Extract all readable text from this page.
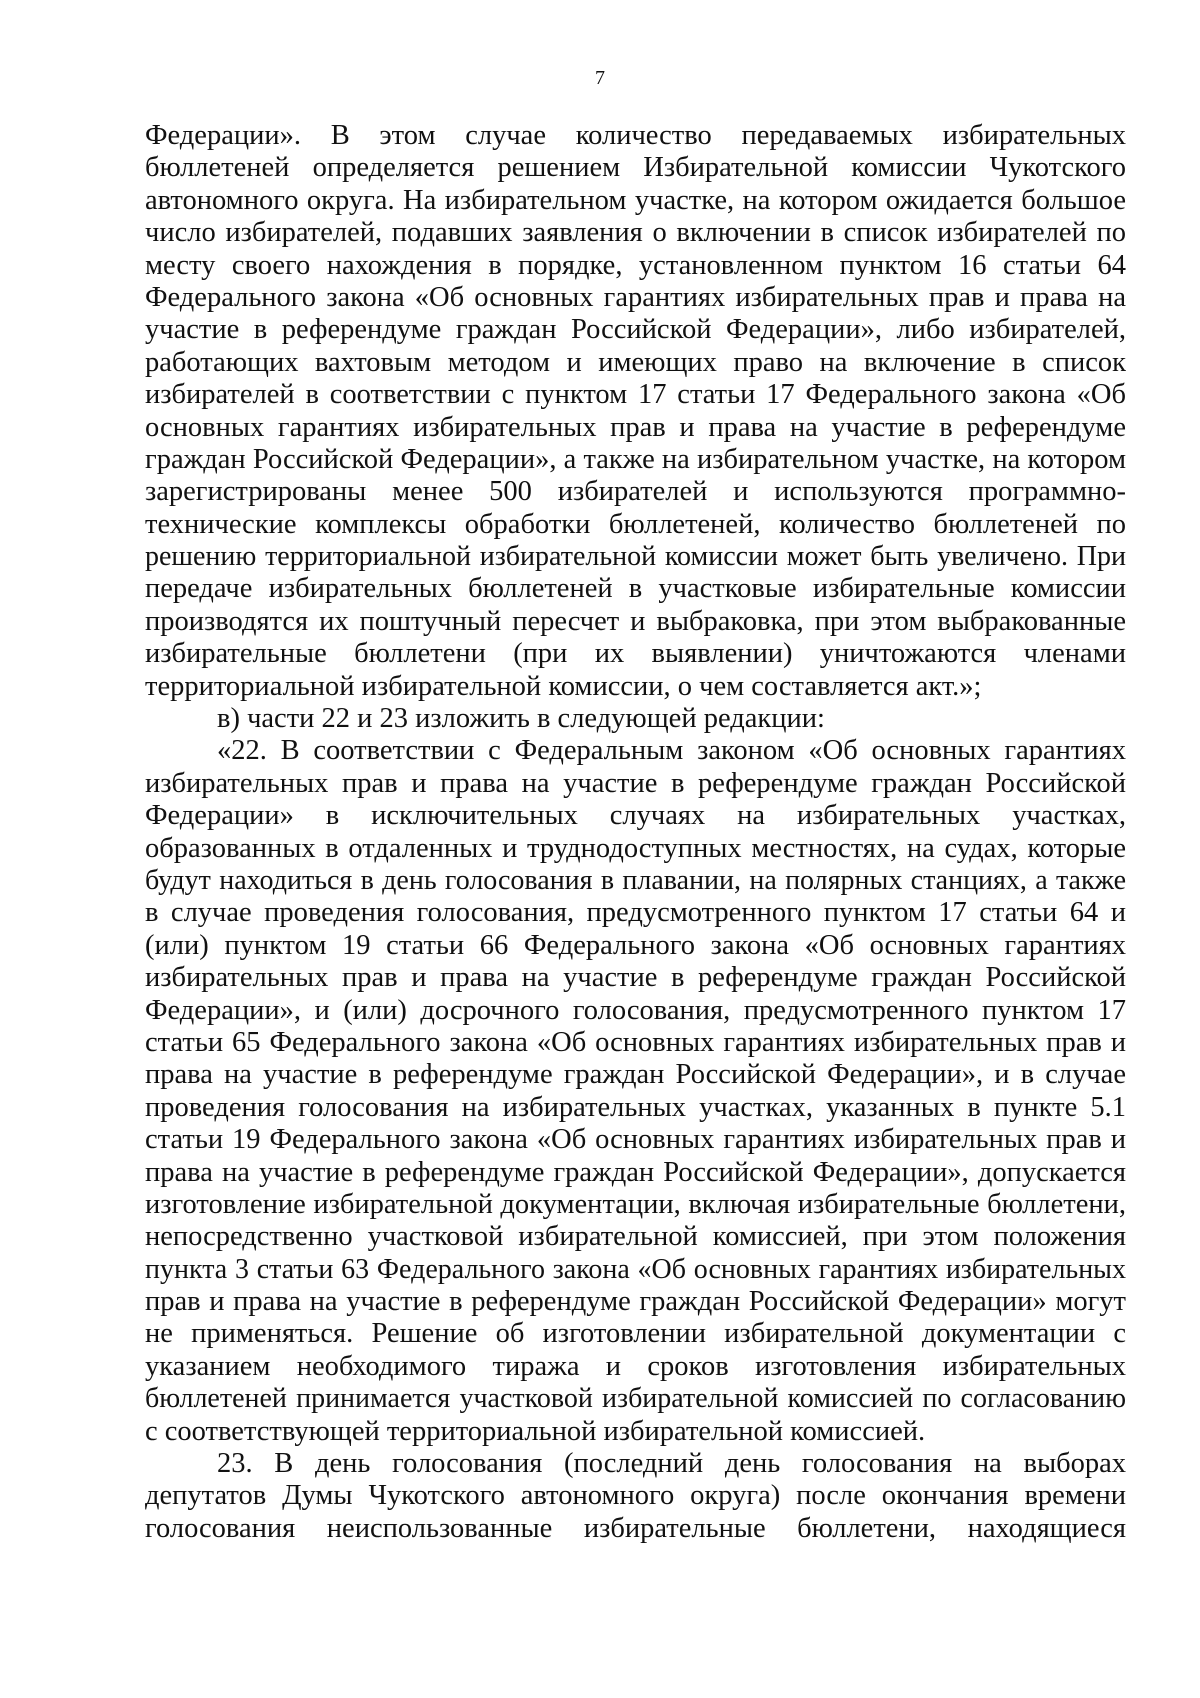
7
Федерации». В этом случае количество передаваемых избирательных
бюллетеней определяется решением Избирательной комиссии Чукотского
автономного округа. На избирательном участке, на котором ожидается большое
число избирателей, подавших заявления о включении в список избирателей по
месту своего нахождения в порядке, установленном пунктом 16 статьи 64
Федерального закона «Об основных гарантиях избирательных прав и права на
участие в референдуме граждан Российской Федерации», либо избирателей,
работающих вахтовым методом и имеющих право на включение в список
избирателей в соответствии с пунктом 17 статьи 17 Федерального закона «Об
основных гарантиях избирательных прав и права на участие в референдуме
граждан Российской Федерации», а также на избирательном участке, на котором
зарегистрированы менее 500 избирателей и используются программно-
технические комплексы обработки бюллетеней, количество бюллетеней по
решению территориальной избирательной комиссии может быть увеличено. При
передаче избирательных бюллетеней в участковые избирательные комиссии
производятся их поштучный пересчет и выбраковка, при этом выбракованные
избирательные бюллетени (при их выявлении) уничтожаются членами
территориальной избирательной комиссии, о чем составляется акт.»;
в) части 22 и 23 изложить в следующей редакции:
«22. В соответствии с Федеральным законом «Об основных гарантиях
избирательных прав и права на участие в референдуме граждан Российской
Федерации» в исключительных случаях на избирательных участках,
образованных в отдаленных и труднодоступных местностях, на судах, которые
будут находиться в день голосования в плавании, на полярных станциях, а также
в случае проведения голосования, предусмотренного пунктом 17 статьи 64 и
(или) пунктом 19 статьи 66 Федерального закона «Об основных гарантиях
избирательных прав и права на участие в референдуме граждан Российской
Федерации», и (или) досрочного голосования, предусмотренного пунктом 17
статьи 65 Федерального закона «Об основных гарантиях избирательных прав и
права на участие в референдуме граждан Российской Федерации», и в случае
проведения голосования на избирательных участках, указанных в пункте 5.1
статьи 19 Федерального закона «Об основных гарантиях избирательных прав и
права на участие в референдуме граждан Российской Федерации», допускается
изготовление избирательной документации, включая избирательные бюллетени,
непосредственно участковой избирательной комиссией, при этом положения
пункта 3 статьи 63 Федерального закона «Об основных гарантиях избирательных
прав и права на участие в референдуме граждан Российской Федерации» могут
не применяться. Решение об изготовлении избирательной документации с
указанием необходимого тиража и сроков изготовления избирательных
бюллетеней принимается участковой избирательной комиссией по согласованию
с соответствующей территориальной избирательной комиссией.
23. В день голосования (последний день голосования на выборах
депутатов Думы Чукотского автономного округа) после окончания времени
голосования неиспользованные избирательные бюллетени, находящиеся
